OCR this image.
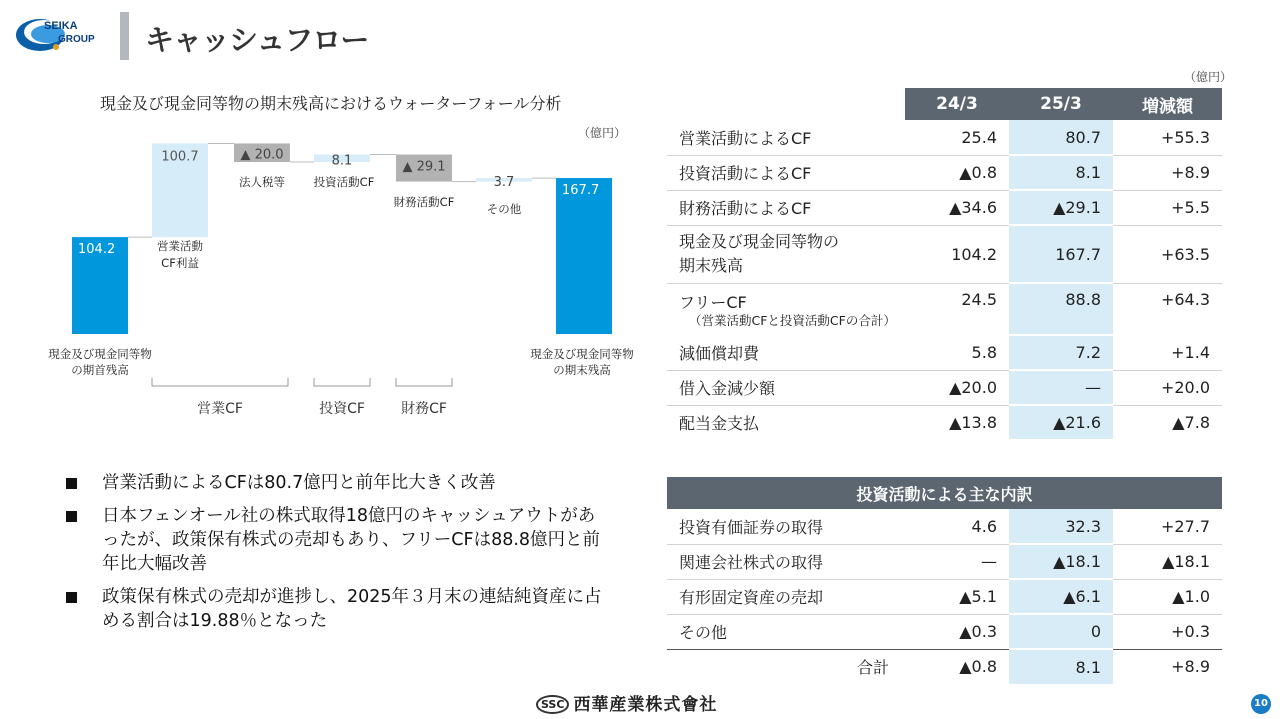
SEIKA
GROUP キャッシュフロー
現金及び現金同等物の期末残高におけるウォーターフォール分析
（億円）
104.2
100.7	▲ 20.0	8.1	▲ 29.1
3.7
167.7
現金及び現金同等物
の期首残高
営業活動
CF利益
法人税等 投資活動CF
財務活動CF	その他
現金及び現金同等物
の期末残高
営業CF	投資CF	財務CF
営業活動によるCFは80.7億円と前年比大きく改善
日本フェンオール社の株式取得18億円のキャッシュアウトがあったが、政策保有株式の売却もあり、フリーCFは88.8億円と前年比大幅改善
政策保有株式の売却が進捗し、2025年３月末の連結純資産に占める割合は19.88％となった
（億円）
	24/3	25/3	増減額
営業活動によるCF	25.4	80.7	+55.3
投資活動によるCF	▲0.8	8.1	+8.9
財務活動によるCF	▲34.6	▲29.1	+5.5
現金及び現金同等物の
期末残高	104.2	167.7	+63.5
フリーCF
（営業活動CFと投資活動CFの合計）	24.5	88.8	+64.3
減価償却費	5.8	7.2	+1.4
借入金減少額	▲20.0	—	+20.0
配当金支払	▲13.8	▲21.6	▲7.8
投資活動による主な内訳			
投資有価証券の取得	4.6	32.3	+27.7
関連会社株式の取得	—	▲18.1	▲18.1
有形固定資産の売却	▲5.1	▲6.1	▲1.0
その他	▲0.3	0	+0.3
合計	▲0.8	8.1	+8.9
SSC 西華産業株式會社	10
